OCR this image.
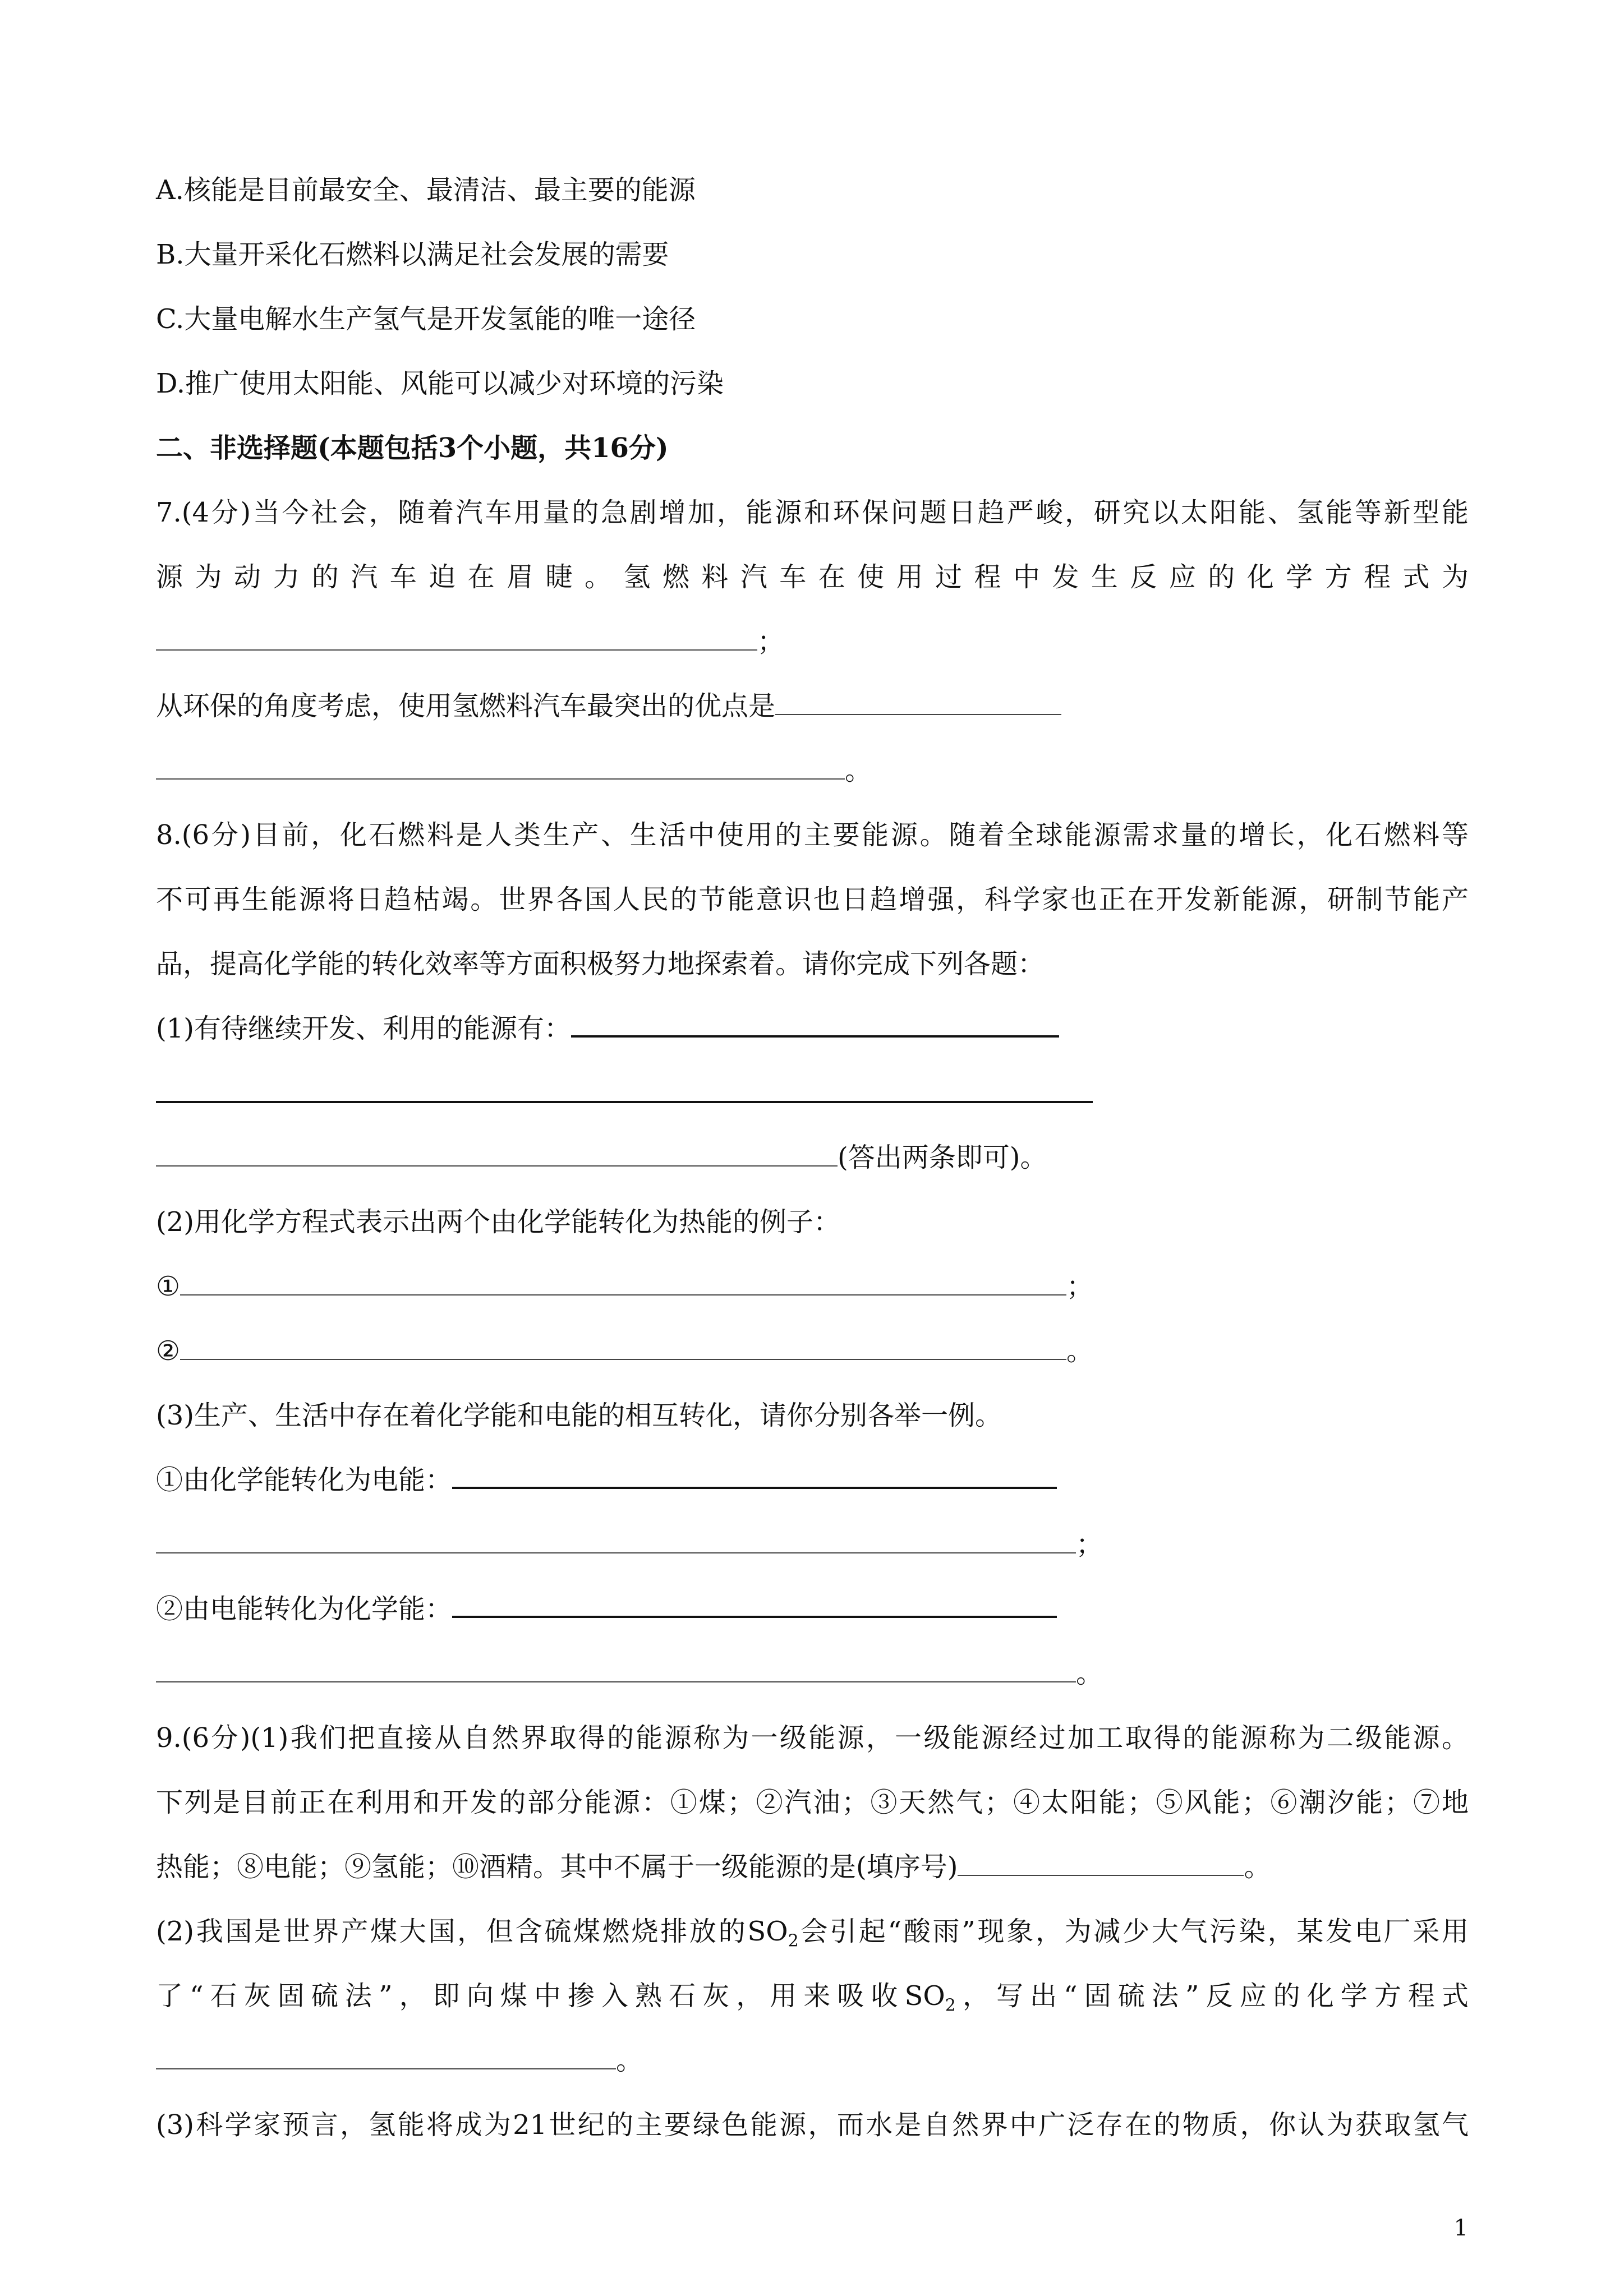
A.核能是目前最安全、最清洁、最主要的能源
B.大量开采化石燃料以满足社会发展的需要
C.大量电解水生产氢气是开发氢能的唯一途径
D.推广使用太阳能、风能可以减少对环境的污染
二、非选择题(本题包括3个小题，共16分)
7.(4分)当今社会，随着汽车用量的急剧增加，能源和环保问题日趋严峻，研究以太阳能、氢能等新型能
源为动力的汽车迫在眉睫。氢燃料汽车在使用过程中发生反应的化学方程式为
；
从环保的角度考虑，使用氢燃料汽车最突出的优点是
。
8.(6分)目前，化石燃料是人类生产、生活中使用的主要能源。随着全球能源需求量的增长，化石燃料等
不可再生能源将日趋枯竭。世界各国人民的节能意识也日趋增强，科学家也正在开发新能源，研制节能产
品，提高化学能的转化效率等方面积极努力地探索着。请你完成下列各题：
(1)有待继续开发、利用的能源有：
(答出两条即可)。
(2)用化学方程式表示出两个由化学能转化为热能的例子：
①	；
②	。
(3)生产、生活中存在着化学能和电能的相互转化，请你分别各举一例。
①由化学能转化为电能：
；
②由电能转化为化学能：
。
9.(6分)(1)我们把直接从自然界取得的能源称为一级能源，一级能源经过加工取得的能源称为二级能源。
下列是目前正在利用和开发的部分能源：①煤；②汽油；③天然气；④太阳能；⑤风能；⑥潮汐能；⑦地
热能；⑧电能；⑨氢能；⑩酒精。其中不属于一级能源的是(填序号)	。
(2)我国是世界产煤大国，但含硫煤燃烧排放的$SO_2$会引起“酸雨”现象，为减少大气污染，某发电厂采用
了“石灰固硫法”，即向煤中掺入熟石灰，用来吸收$SO_2$，写出“固硫法”反应的化学方程式
。
(3)科学家预言，氢能将成为21世纪的主要绿色能源，而水是自然界中广泛存在的物质，你认为获取氢气
1
